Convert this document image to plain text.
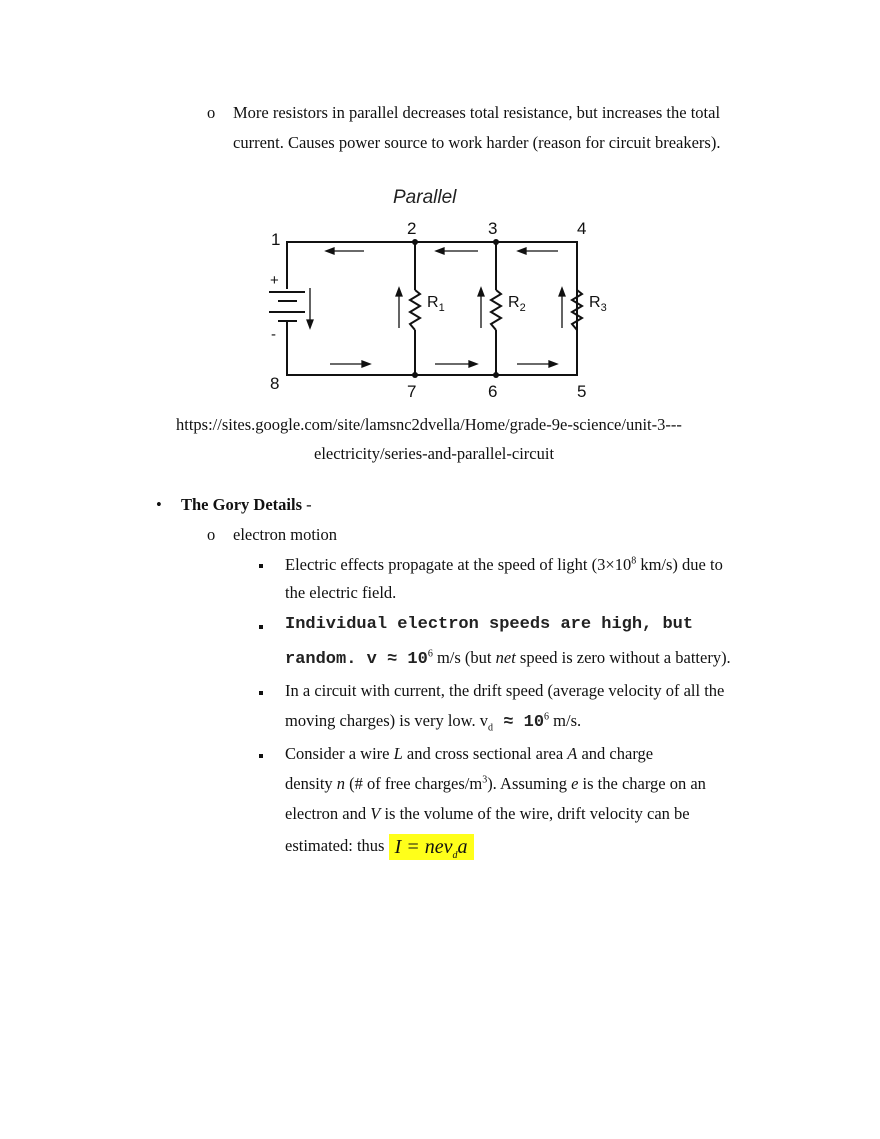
o More resistors in parallel decreases total resistance, but increases the total
current. Causes power source to work harder (reason for circuit breakers).
Parallel
1
2	3	4
5
6
7
8
+
-
$R_1$	$R_2$	$R_3$
https://sites.google.com/site/lamsnc2dvella/Home/grade-9e-science/unit-3---
electricity/series-and-parallel-circuit
• The Gory Details -
o electron motion
Electric effects propagate at the speed of light ($3\times 10^8$ km/s) due to
the electric field.
Individual electron speeds are high, but
random. $v \approx 10^6$ m/s (but net speed is zero without a battery).
In a circuit with current, the drift speed (average velocity of all the
moving charges) is very low. $v_d \approx 10^6$ m/s.
Consider a wire L and cross sectional area A and charge
density n (# of free charges/$m^3$). Assuming e is the charge on an
electron and V is the volume of the wire, drift velocity can be
estimated: thus I = nev$_d$a
